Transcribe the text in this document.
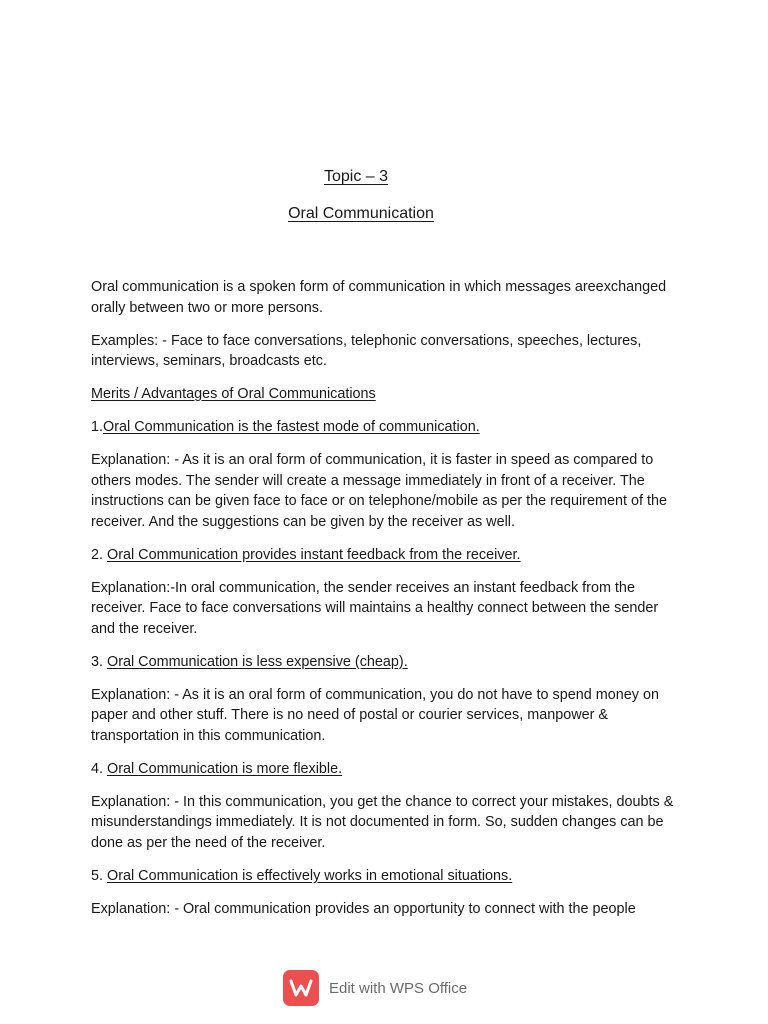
Topic – 3
Oral Communication

Oral communication is a spoken form of communication in which messages areexchanged orally between two or more persons.

Examples: - Face to face conversations, telephonic conversations, speeches, lectures, interviews, seminars, broadcasts etc.

Merits / Advantages of Oral Communications

1.Oral Communication is the fastest mode of communication.

Explanation: - As it is an oral form of communication, it is faster in speed as compared to others modes. The sender will create a message immediately in front of a receiver. The instructions can be given face to face or on telephone/mobile as per the requirement of the receiver. And the suggestions can be given by the receiver as well.

2. Oral Communication provides instant feedback from the receiver.

Explanation:-In oral communication, the sender receives an instant feedback from the receiver. Face to face conversations will maintains a healthy connect between the sender and the receiver.

3. Oral Communication is less expensive (cheap).

Explanation: - As it is an oral form of communication, you do not have to spend money on paper and other stuff. There is no need of postal or courier services, manpower & transportation in this communication.

4. Oral Communication is more flexible.

Explanation: - In this communication, you get the chance to correct your mistakes, doubts & misunderstandings immediately. It is not documented in form. So, sudden changes can be done as per the need of the receiver.

5. Oral Communication is effectively works in emotional situations.

Explanation: - Oral communication provides an opportunity to connect with the people

Edit with WPS Office
